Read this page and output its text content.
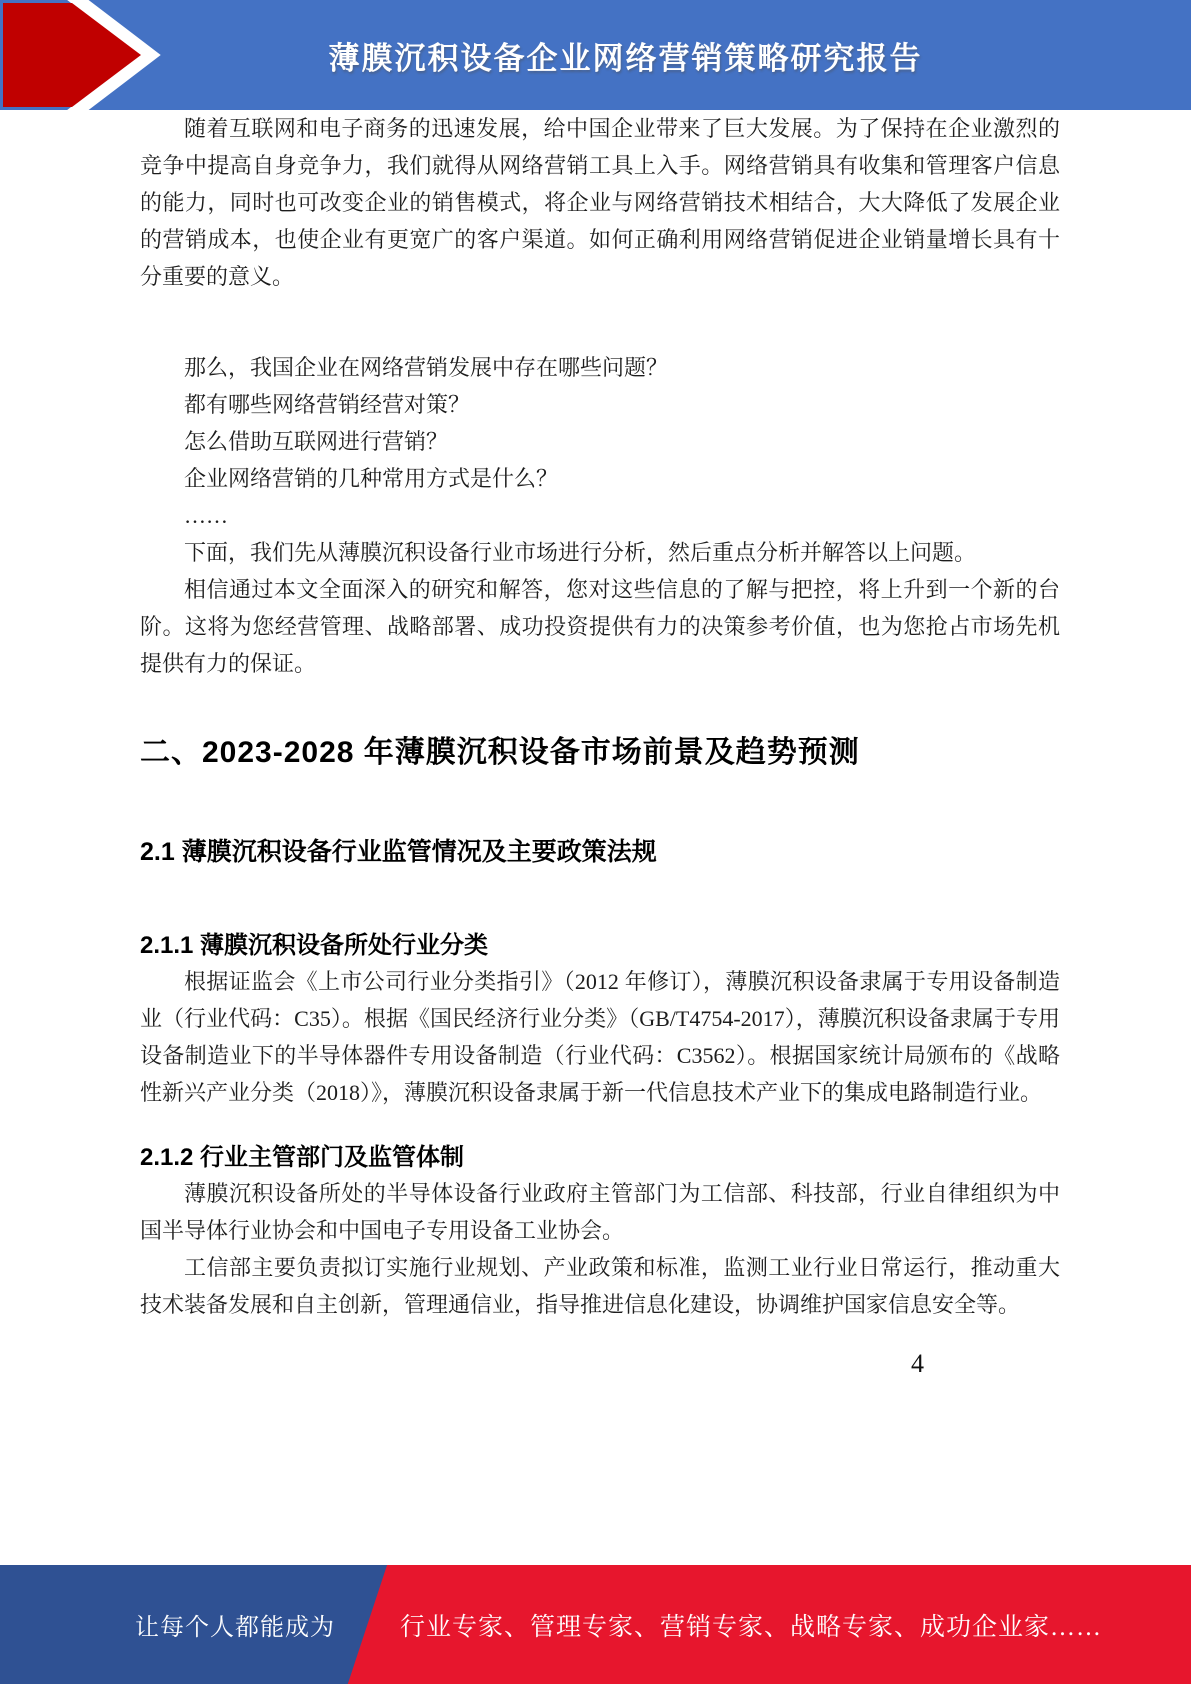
薄膜沉积设备企业网络营销策略研究报告

随着互联网和电子商务的迅速发展，给中国企业带来了巨大发展。为了保持在企业激烈的竞争中提高自身竞争力，我们就得从网络营销工具上入手。网络营销具有收集和管理客户信息的能力，同时也可改变企业的销售模式，将企业与网络营销技术相结合，大大降低了发展企业的营销成本，也使企业有更宽广的客户渠道。如何正确利用网络营销促进企业销量增长具有十分重要的意义。

那么，我国企业在网络营销发展中存在哪些问题？

都有哪些网络营销经营对策？

怎么借助互联网进行营销？

企业网络营销的几种常用方式是什么？

……

下面，我们先从薄膜沉积设备行业市场进行分析，然后重点分析并解答以上问题。

相信通过本文全面深入的研究和解答，您对这些信息的了解与把控，将上升到一个新的台阶。这将为您经营管理、战略部署、成功投资提供有力的决策参考价值，也为您抢占市场先机提供有力的保证。

二、2023-2028 年薄膜沉积设备市场前景及趋势预测
2.1 薄膜沉积设备行业监管情况及主要政策法规
2.1.1 薄膜沉积设备所处行业分类

根据证监会《上市公司行业分类指引》（2012 年修订），薄膜沉积设备隶属于专用设备制造业（行业代码：C35）。根据《国民经济行业分类》（GB/T4754-2017），薄膜沉积设备隶属于专用设备制造业下的半导体器件专用设备制造（行业代码：C3562）。根据国家统计局颁布的《战略性新兴产业分类（2018）》，薄膜沉积设备隶属于新一代信息技术产业下的集成电路制造行业。

2.1.2 行业主管部门及监管体制

薄膜沉积设备所处的半导体设备行业政府主管部门为工信部、科技部，行业自律组织为中国半导体行业协会和中国电子专用设备工业协会。

工信部主要负责拟订实施行业规划、产业政策和标准，监测工业行业日常运行，推动重大技术装备发展和自主创新，管理通信业，指导推进信息化建设，协调维护国家信息安全等。

4
让每个人都能成为	行业专家、管理专家、营销专家、战略专家、成功企业家……
